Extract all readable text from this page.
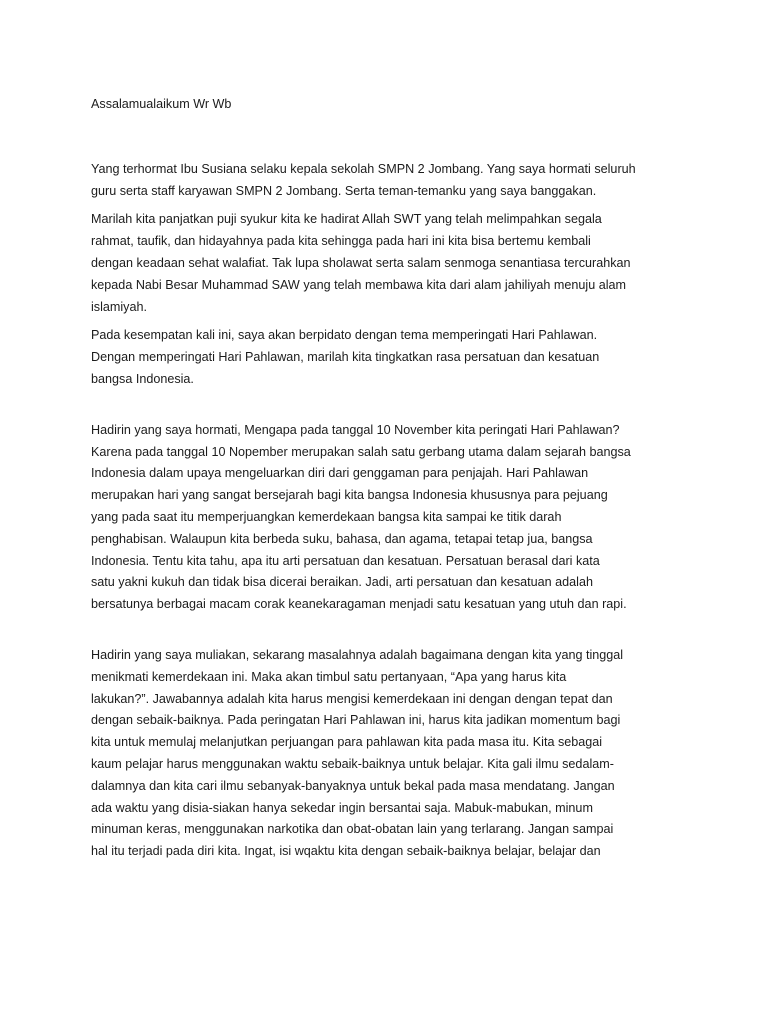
Assalamualaikum Wr Wb

Yang terhormat Ibu Susiana selaku kepala sekolah SMPN 2 Jombang. Yang saya hormati seluruh
guru serta staff karyawan SMPN 2 Jombang. Serta teman-temanku yang saya banggakan.
Marilah kita panjatkan puji syukur kita ke hadirat Allah SWT yang telah melimpahkan segala
rahmat, taufik, dan hidayahnya pada kita sehingga pada hari ini kita bisa bertemu kembali
dengan keadaan sehat walafiat. Tak lupa sholawat serta salam senmoga senantiasa tercurahkan
kepada Nabi Besar Muhammad SAW yang telah membawa kita dari alam jahiliyah menuju alam
islamiyah.
Pada kesempatan kali ini, saya akan berpidato dengan tema memperingati Hari Pahlawan.
Dengan memperingati Hari Pahlawan, marilah kita tingkatkan rasa persatuan dan kesatuan
bangsa Indonesia.
Hadirin yang saya hormati, Mengapa pada tanggal 10 November kita peringati Hari Pahlawan?
Karena pada tanggal 10 Nopember merupakan salah satu gerbang utama dalam sejarah bangsa
Indonesia dalam upaya mengeluarkan diri dari genggaman para penjajah. Hari Pahlawan
merupakan hari yang sangat bersejarah bagi kita bangsa Indonesia khususnya para pejuang
yang pada saat itu memperjuangkan kemerdekaan bangsa kita sampai ke titik darah
penghabisan. Walaupun kita berbeda suku, bahasa, dan agama, tetapai tetap jua, bangsa
Indonesia. Tentu kita tahu, apa itu arti persatuan dan kesatuan. Persatuan berasal dari kata
satu yakni kukuh dan tidak bisa dicerai beraikan. Jadi, arti persatuan dan kesatuan adalah
bersatunya berbagai macam corak keanekaragaman menjadi satu kesatuan yang utuh dan rapi.
Hadirin yang saya muliakan, sekarang masalahnya adalah bagaimana dengan kita yang tinggal
menikmati kemerdekaan ini. Maka akan timbul satu pertanyaan, “Apa yang harus kita
lakukan?”. Jawabannya adalah kita harus mengisi kemerdekaan ini dengan dengan tepat dan
dengan sebaik-baiknya. Pada peringatan Hari Pahlawan ini, harus kita jadikan momentum bagi
kita untuk memulaj melanjutkan perjuangan para pahlawan kita pada masa itu. Kita sebagai
kaum pelajar harus menggunakan waktu sebaik-baiknya untuk belajar. Kita gali ilmu sedalam-
dalamnya dan kita cari ilmu sebanyak-banyaknya untuk bekal pada masa mendatang. Jangan
ada waktu yang disia-siakan hanya sekedar ingin bersantai saja. Mabuk-mabukan, minum
minuman keras, menggunakan narkotika dan obat-obatan lain yang terlarang. Jangan sampai
hal itu terjadi pada diri kita. Ingat, isi wqaktu kita dengan sebaik-baiknya belajar, belajar dan
